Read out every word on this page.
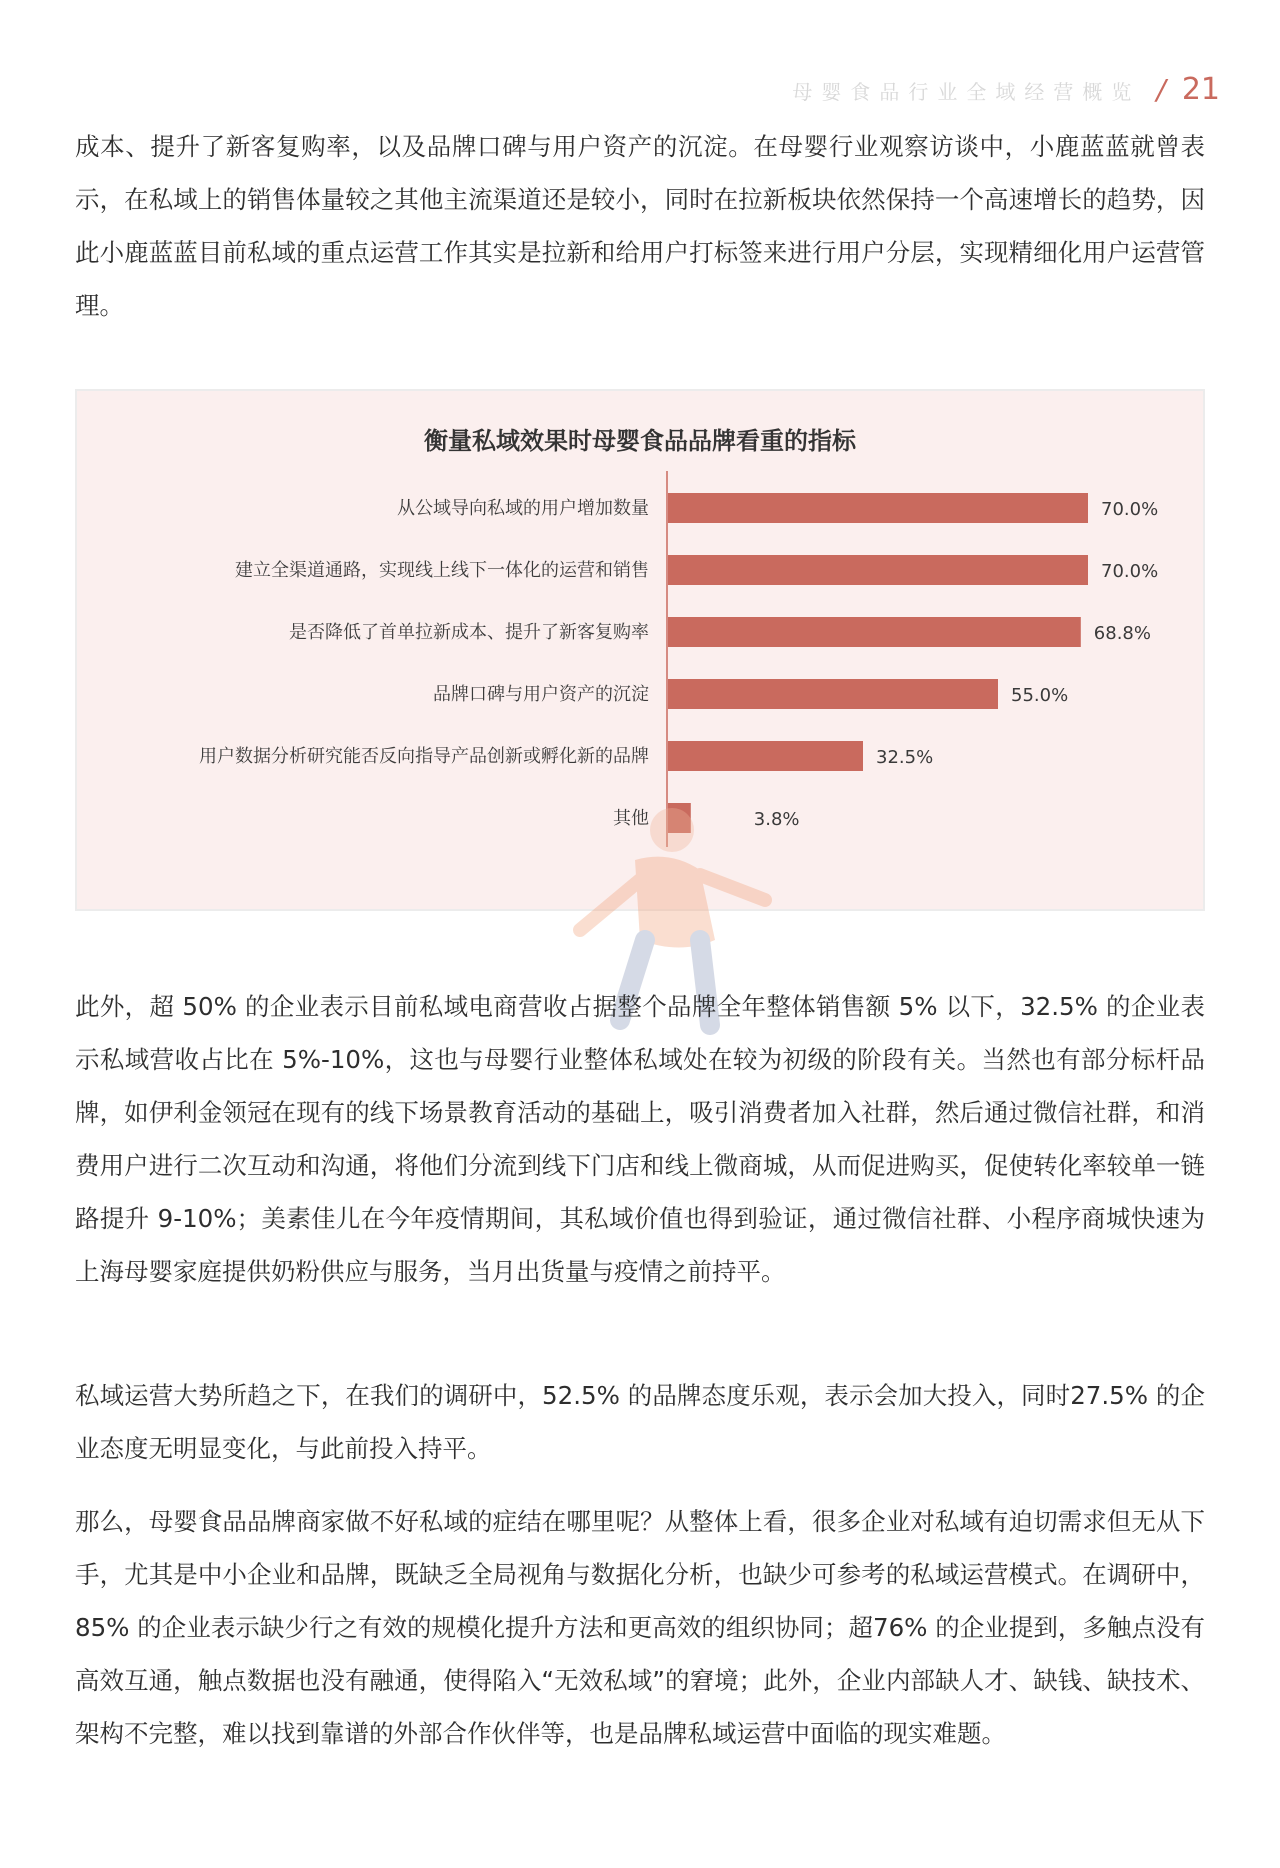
母婴食品行业全域经营概览 / 21

成本、提升了新客复购率，以及品牌口碑与用户资产的沉淀。在母婴行业观察访谈中，小鹿蓝蓝就曾表示，在私域上的销售体量较之其他主流渠道还是较小，同时在拉新板块依然保持一个高速增长的趋势，因此小鹿蓝蓝目前私域的重点运营工作其实是拉新和给用户打标签来进行用户分层，实现精细化用户运营管理。

衡量私域效果时母婴食品品牌看重的指标
从公域导向私域的用户增加数量	70.0%
建立全渠道通路，实现线上线下一体化的运营和销售	70.0%
是否降低了首单拉新成本、提升了新客复购率	68.8%
品牌口碑与用户资产的沉淀	55.0%
用户数据分析研究能否反向指导产品创新或孵化新的品牌	32.5%
其他	3.8%

此外，超 50% 的企业表示目前私域电商营收占据整个品牌全年整体销售额 5% 以下，32.5% 的企业表示私域营收占比在 5%-10%，这也与母婴行业整体私域处在较为初级的阶段有关。当然也有部分标杆品牌，如伊利金领冠在现有的线下场景教育活动的基础上，吸引消费者加入社群，然后通过微信社群，和消费用户进行二次互动和沟通，将他们分流到线下门店和线上微商城，从而促进购买，促使转化率较单一链路提升 9-10%；美素佳儿在今年疫情期间，其私域价值也得到验证，通过微信社群、小程序商城快速为上海母婴家庭提供奶粉供应与服务，当月出货量与疫情之前持平。

私域运营大势所趋之下，在我们的调研中，52.5% 的品牌态度乐观，表示会加大投入，同时27.5% 的企业态度无明显变化，与此前投入持平。

那么，母婴食品品牌商家做不好私域的症结在哪里呢？从整体上看，很多企业对私域有迫切需求但无从下手，尤其是中小企业和品牌，既缺乏全局视角与数据化分析，也缺少可参考的私域运营模式。在调研中，85% 的企业表示缺少行之有效的规模化提升方法和更高效的组织协同；超76% 的企业提到，多触点没有高效互通，触点数据也没有融通，使得陷入“无效私域”的窘境；此外，企业内部缺人才、缺钱、缺技术、架构不完整，难以找到靠谱的外部合作伙伴等，也是品牌私域运营中面临的现实难题。
